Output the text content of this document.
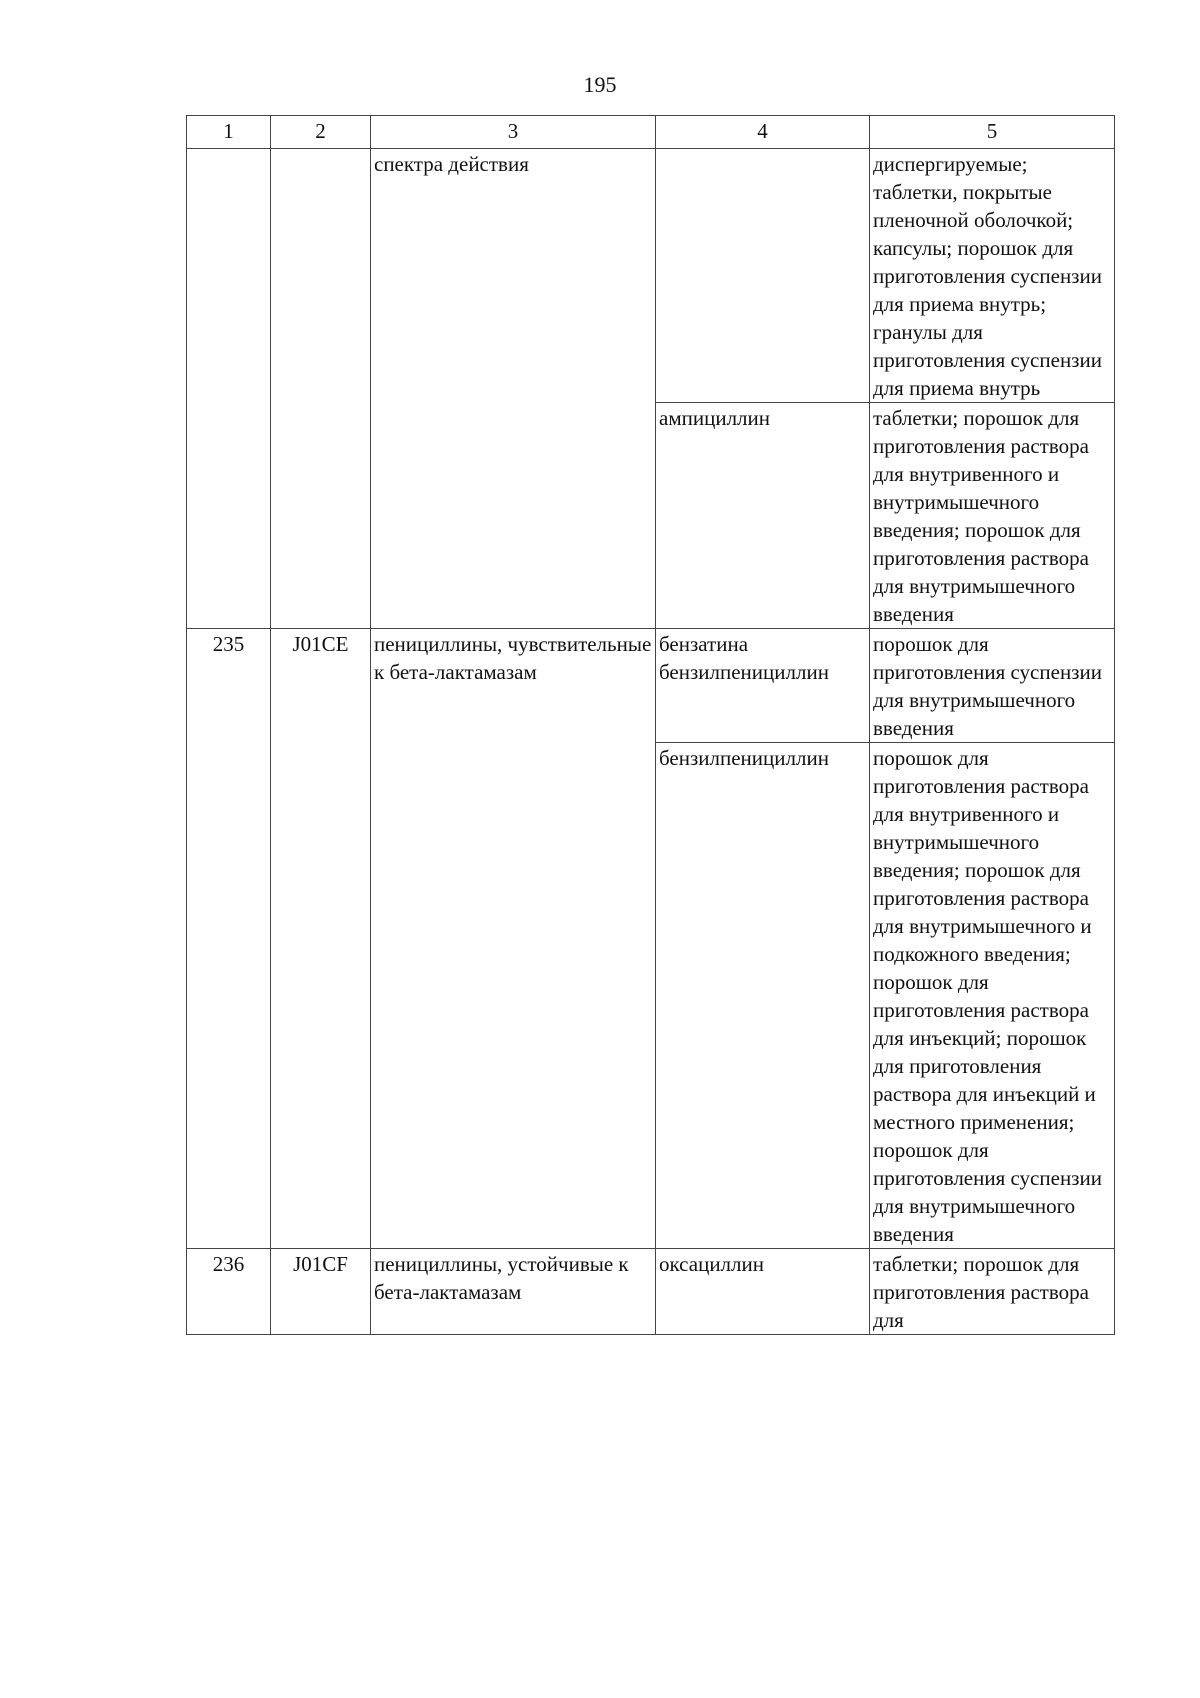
195
1	2	3	4	5
		спектра действия		диспергируемые; таблетки, покрытые пленочной оболочкой; капсулы; порошок для приготовления суспензии для приема внутрь; гранулы для приготовления суспензии для приема внутрь
			ампициллин	таблетки; порошок для приготовления раствора для внутривенного и внутримышечного введения; порошок для приготовления раствора для внутримышечного введения
235	J01CE	пенициллины, чувствительные к бета-лактамазам	бензатина бензилпенициллин	порошок для приготовления суспензии для внутримышечного введения
			бензилпенициллин	порошок для приготовления раствора для внутривенного и внутримышечного введения; порошок для приготовления раствора для внутримышечного и подкожного введения; порошок для приготовления раствора для инъекций; порошок для приготовления раствора для инъекций и местного применения; порошок для приготовления суспензии для внутримышечного введения
236	J01CF	пенициллины, устойчивые к бета-лактамазам	оксациллин	таблетки; порошок для приготовления раствора для
